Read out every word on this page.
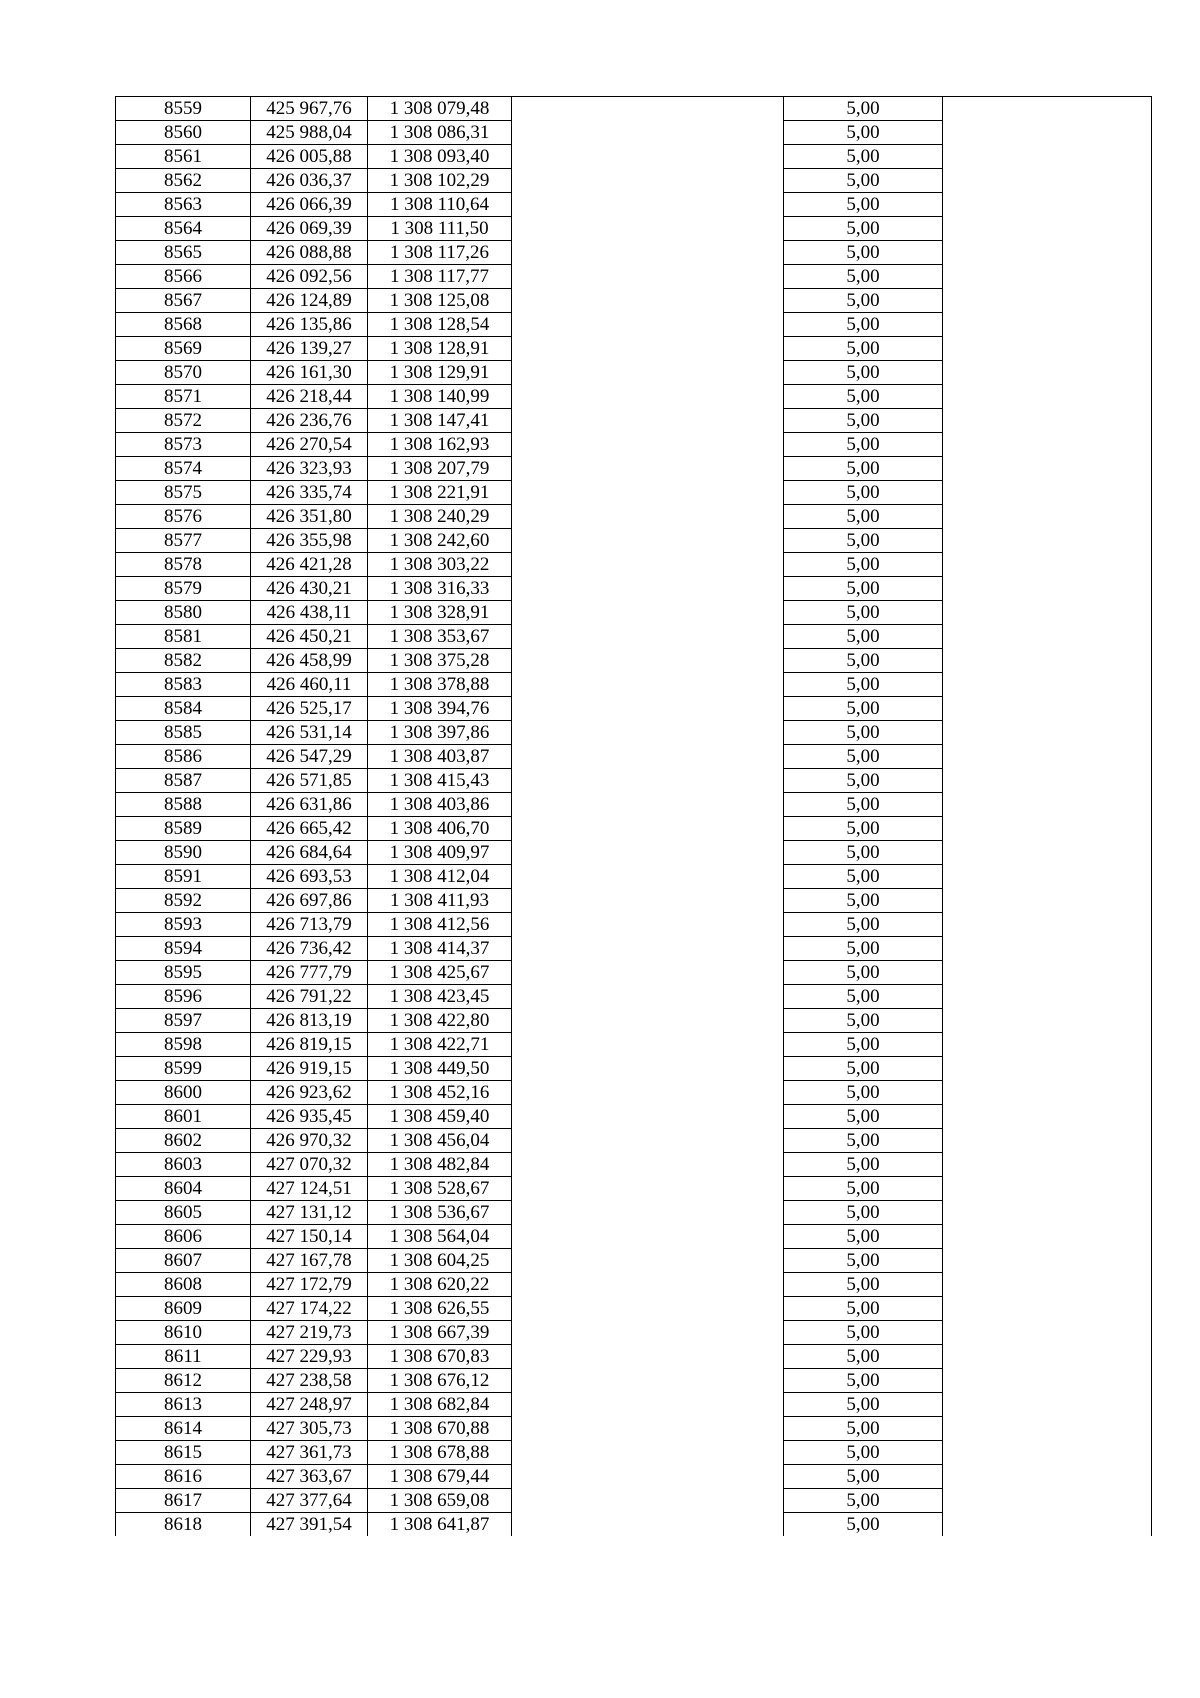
8559	425 967,76	1 308 079,48		5,00	
8560	425 988,04	1 308 086,31		5,00	
8561	426 005,88	1 308 093,40		5,00	
8562	426 036,37	1 308 102,29		5,00	
8563	426 066,39	1 308 110,64		5,00	
8564	426 069,39	1 308 111,50		5,00	
8565	426 088,88	1 308 117,26		5,00	
8566	426 092,56	1 308 117,77		5,00	
8567	426 124,89	1 308 125,08		5,00	
8568	426 135,86	1 308 128,54		5,00	
8569	426 139,27	1 308 128,91		5,00	
8570	426 161,30	1 308 129,91		5,00	
8571	426 218,44	1 308 140,99		5,00	
8572	426 236,76	1 308 147,41		5,00	
8573	426 270,54	1 308 162,93		5,00	
8574	426 323,93	1 308 207,79		5,00	
8575	426 335,74	1 308 221,91		5,00	
8576	426 351,80	1 308 240,29		5,00	
8577	426 355,98	1 308 242,60		5,00	
8578	426 421,28	1 308 303,22		5,00	
8579	426 430,21	1 308 316,33		5,00	
8580	426 438,11	1 308 328,91		5,00	
8581	426 450,21	1 308 353,67		5,00	
8582	426 458,99	1 308 375,28		5,00	
8583	426 460,11	1 308 378,88		5,00	
8584	426 525,17	1 308 394,76		5,00	
8585	426 531,14	1 308 397,86		5,00	
8586	426 547,29	1 308 403,87		5,00	
8587	426 571,85	1 308 415,43		5,00	
8588	426 631,86	1 308 403,86		5,00	
8589	426 665,42	1 308 406,70		5,00	
8590	426 684,64	1 308 409,97		5,00	
8591	426 693,53	1 308 412,04		5,00	
8592	426 697,86	1 308 411,93		5,00	
8593	426 713,79	1 308 412,56		5,00	
8594	426 736,42	1 308 414,37		5,00	
8595	426 777,79	1 308 425,67		5,00	
8596	426 791,22	1 308 423,45		5,00	
8597	426 813,19	1 308 422,80		5,00	
8598	426 819,15	1 308 422,71		5,00	
8599	426 919,15	1 308 449,50		5,00	
8600	426 923,62	1 308 452,16		5,00	
8601	426 935,45	1 308 459,40		5,00	
8602	426 970,32	1 308 456,04		5,00	
8603	427 070,32	1 308 482,84		5,00	
8604	427 124,51	1 308 528,67		5,00	
8605	427 131,12	1 308 536,67		5,00	
8606	427 150,14	1 308 564,04		5,00	
8607	427 167,78	1 308 604,25		5,00	
8608	427 172,79	1 308 620,22		5,00	
8609	427 174,22	1 308 626,55		5,00	
8610	427 219,73	1 308 667,39		5,00	
8611	427 229,93	1 308 670,83		5,00	
8612	427 238,58	1 308 676,12		5,00	
8613	427 248,97	1 308 682,84		5,00	
8614	427 305,73	1 308 670,88		5,00	
8615	427 361,73	1 308 678,88		5,00	
8616	427 363,67	1 308 679,44		5,00	
8617	427 377,64	1 308 659,08		5,00	
8618	427 391,54	1 308 641,87		5,00	
